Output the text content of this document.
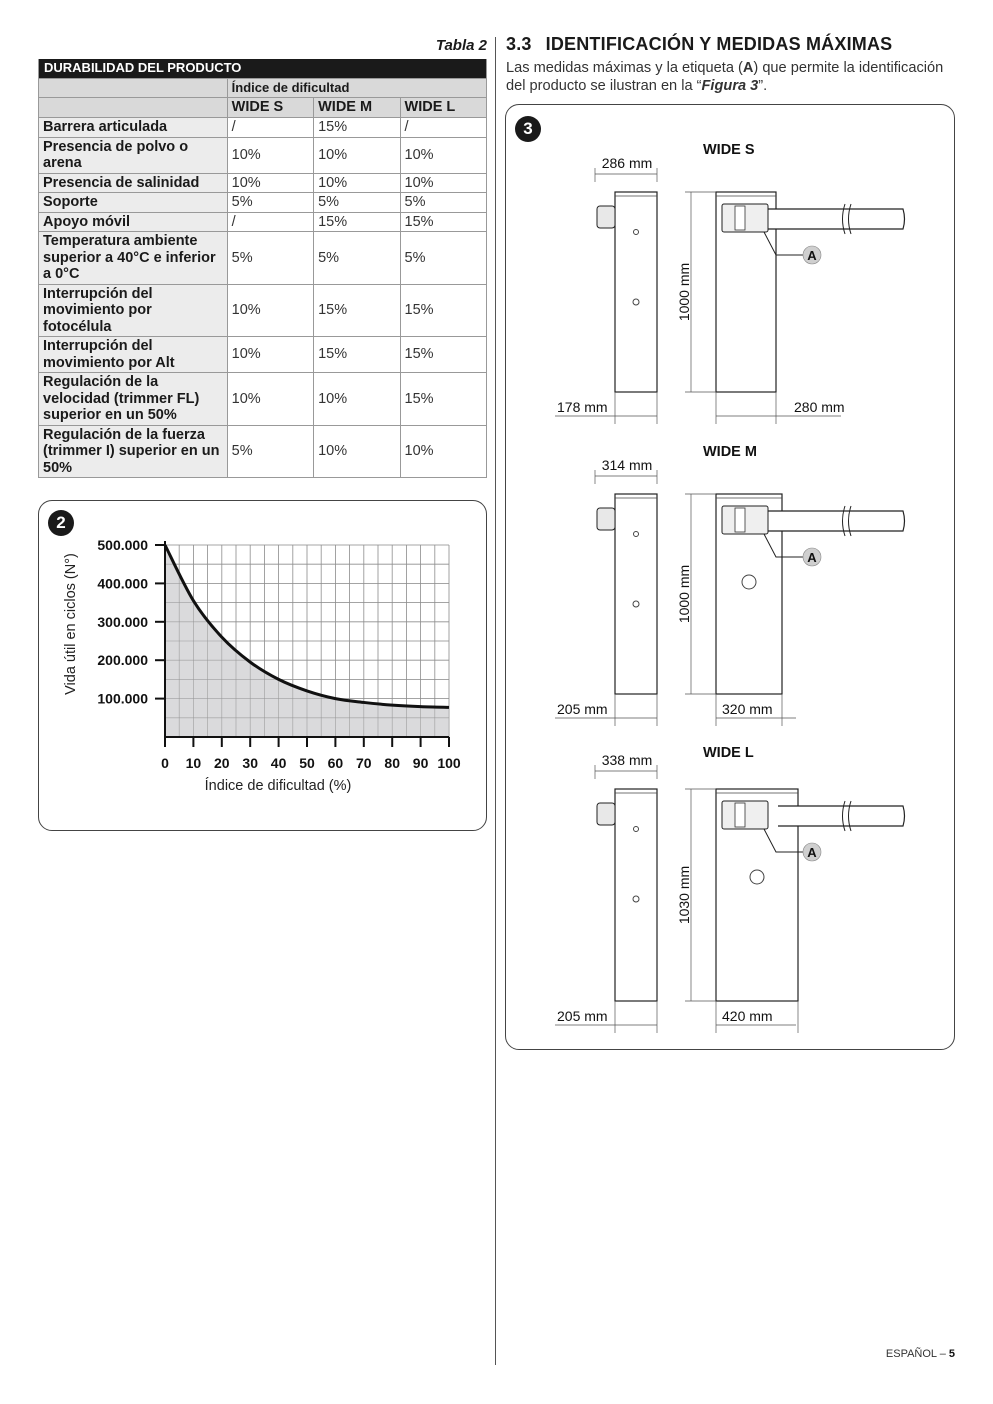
Tabla 2
DURABILIDAD DEL PRODUCTO			
	Índice de dificultad		
	WIDE S	WIDE M	WIDE L
Barrera articulada	/	15%	/
Presencia de polvo o arena	10%	10%	10%
Presencia de salinidad	10%	10%	10%
Soporte	5%	5%	5%
Apoyo móvil	/	15%	15%
Temperatura ambiente superior a 40°C e inferior a 0°C	5%	5%	5%
Interrupción del movimiento por fotocélula	10%	15%	15%
Interrupción del movimiento por Alt	10%	15%	15%
Regulación de la velocidad (trimmer FL) superior en un 50%	10%	10%	15%
Regulación de la fuerza (trimmer I) superior en un 50%	5%	10%	10%
2
100.000
200.000
300.000
400.000
500.000
0 10 20 30 40 50 60 70 80 90 100
Índice de dificultad (%)
Vida útil en ciclos (N°)
3.3 IDENTIFICACIÓN Y MEDIDAS MÁXIMAS
Las medidas máximas y la etiqueta (A) que permite la identificación del producto se ilustran en la “Figura 3”.
3
WIDE S
286 mm
178 mm
A
1000 mm
280 mm
WIDE M
314 mm
205 mm
A
1000 mm
320 mm
WIDE L
338 mm
205 mm
A
1030 mm
420 mm
ESPAÑOL – 5
